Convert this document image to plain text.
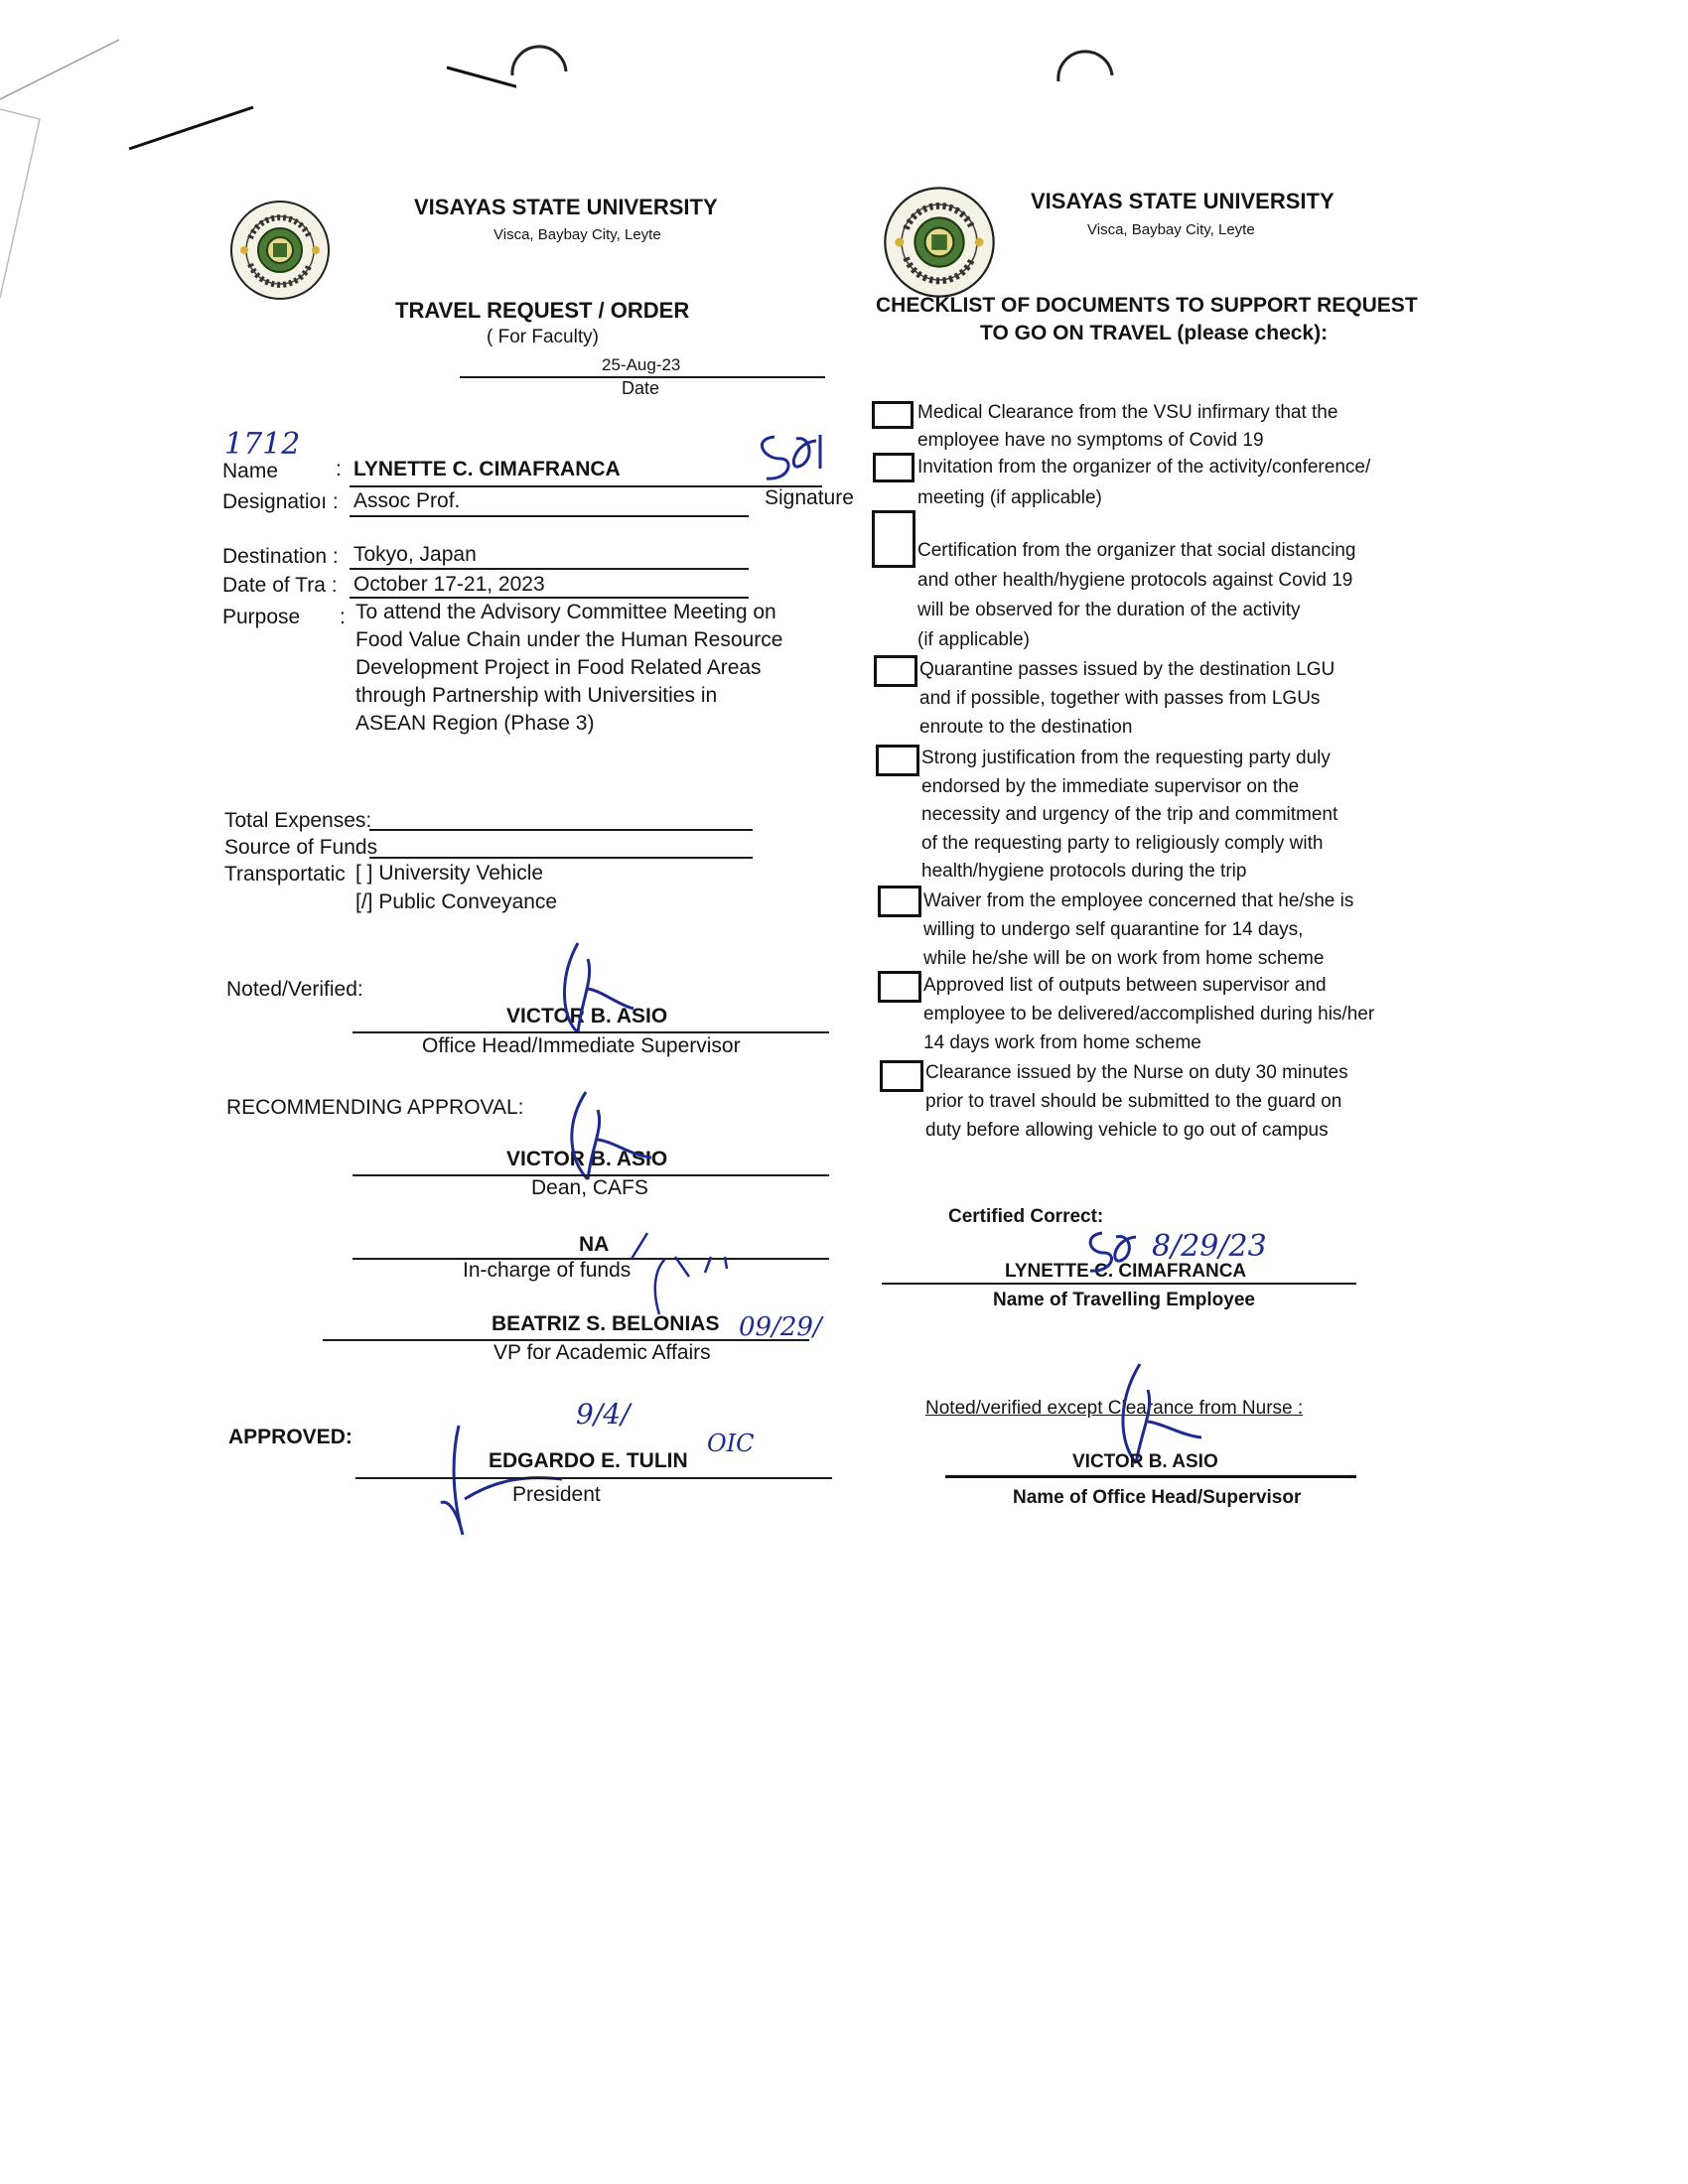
VISAYAS STATE UNIVERSITY
Visca, Baybay City, Leyte
TRAVEL REQUEST / ORDER
( For Faculty)
25-Aug-23
Date
1712
Name	: LYNETTE C. CIMAFRANCA
Signature
Designatioı : Assoc Prof.
Destination : Tokyo, Japan
Date of Tra : October 17-21, 2023
Purpose : To attend the Advisory Committee Meeting on
Food Value Chain under the Human Resource
Development Project in Food Related Areas
through Partnership with Universities in
ASEAN Region (Phase 3)
Total Expenses:
Source of Funds
Transportatic [ ] University Vehicle
[/] Public Conveyance
Noted/Verified:
VICTOR B. ASIO
Office Head/Immediate Supervisor
RECOMMENDING APPROVAL:
VICTOR B. ASIO
Dean, CAFS
NA
In-charge of funds
BEATRIZ S. BELONIAS 09/29/
VP for Academic Affairs
APPROVED:
9/4/
OIC
EDGARDO E. TULIN
President
VISAYAS STATE UNIVERSITY
Visca, Baybay City, Leyte
CHECKLIST OF DOCUMENTS TO SUPPORT REQUEST
TO GO ON TRAVEL (please check):
Medical Clearance from the VSU infirmary that the
employee have no symptoms of Covid 19
Invitation from the organizer of the activity/conference/
meeting (if applicable)
Certification from the organizer that social distancing
and other health/hygiene protocols against Covid 19
will be observed for the duration of the activity
(if applicable)
Quarantine passes issued by the destination LGU
and if possible, together with passes from LGUs
enroute to the destination
Strong justification from the requesting party duly
endorsed by the immediate supervisor on the
necessity and urgency of the trip and commitment
of the requesting party to religiously comply with
health/hygiene protocols during the trip
Waiver from the employee concerned that he/she is
willing to undergo self quarantine for 14 days,
while he/she will be on work from home scheme
Approved list of outputs between supervisor and
employee to be delivered/accomplished during his/her
14 days work from home scheme
Clearance issued by the Nurse on duty 30 minutes
prior to travel should be submitted to the guard on
duty before allowing vehicle to go out of campus
Certified Correct:
LYNETTE C. CIMAFRANCA
8/29/23
Name of Travelling Employee
Noted/verified except Clearance from Nurse :
VICTOR B. ASIO
Name of Office Head/Supervisor
